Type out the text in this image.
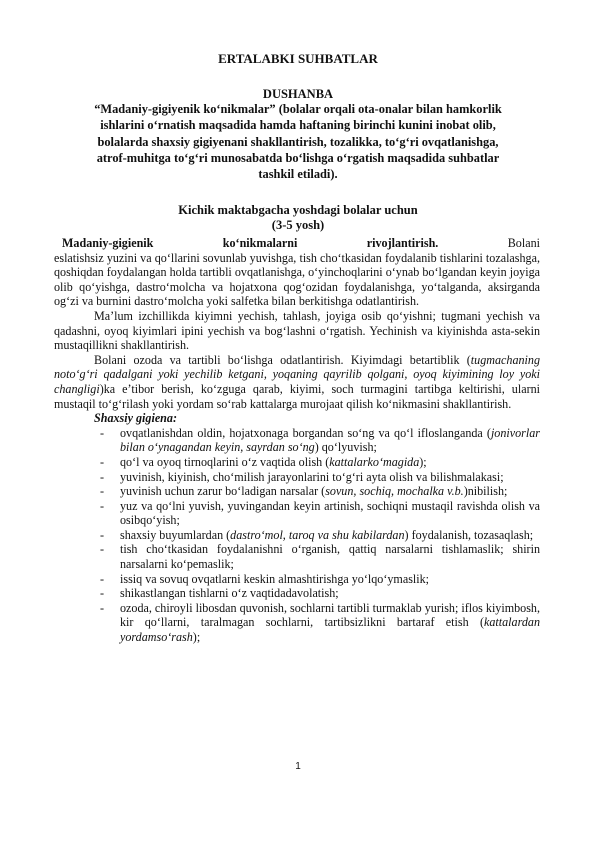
ERTALABKI SUHBATLAR
DUSHANBA
“Madaniy-gigiyenik ko‘nikmalar” (bolalar orqali ota-onalar bilan hamkorlik ishlarini o‘rnatish maqsadida hamda haftaning birinchi kunini inobat olib, bolalarda shaxsiy gigiyenani shakllantirish, tozalikka, to‘g‘ri ovqatlanishga, atrof-muhitga to‘g‘ri munosabatda bo‘lishga o‘rgatish maqsadida suhbatlar tashkil etiladi).
Kichik maktabgacha yoshdagi bolalar uchun
(3-5 yosh)

Madaniy-gigienik	ko‘nikmalarni	rivojlantirish.	Bolani

eslatishsiz yuzini va qo‘llarini sovunlab yuvishga, tish cho‘tkasidan foydalanib tishlarini tozalashga, qoshiqdan foydalangan holda tartibli ovqatlanishga, o‘yinchoqlarini o‘ynab bo‘lgandan keyin joyiga olib qo‘yishga, dastro‘molcha va hojatxona qog‘ozidan foydalanishga, yo‘talganda, aksirganda og‘zi va burnini dastro‘molcha yoki salfetka bilan berkitishga odatlantirish.

Ma’lum izchillikda kiyimni yechish, tahlash, joyiga osib qo‘yishni; tugmani yechish va qadashni, oyoq kiyimlari ipini yechish va bog‘lashni o‘rgatish. Yechinish va kiyinishda asta-sekin mustaqillikni shakllantirish.

Bolani ozoda va tartibli bo‘lishga odatlantirish. Kiyimdagi betartiblik (tugmachaning noto‘g‘ri qadalgani yoki yechilib ketgani, yoqaning qayrilib qolgani, oyoq kiyimining loy yoki changligi)ka e’tibor berish, ko‘zguga qarab, kiyimi, soch turmagini tartibga keltirishi, ularni mustaqil to‘g‘rilash yoki yordam so‘rab kattalarga murojaat qilish ko‘nikmasini shakllantirish.

Shaxsiy gigiena:

- ovqatlanishdan oldin, hojatxonaga borgandan so‘ng va qo‘l ifloslanganda (jonivorlar bilan o‘ynagandan keyin, sayrdan so‘ng) qo‘lyuvish;
- qo‘l va oyoq tirnoqlarini o‘z vaqtida olish (kattalarko‘magida);
- yuvinish, kiyinish, cho‘milish jarayonlarini to‘g‘ri ayta olish va bilishmalakasi;
- yuvinish uchun zarur bo‘ladigan narsalar (sovun, sochiq, mochalka v.b.)nibilish;
- yuz va qo‘lni yuvish, yuvingandan keyin artinish, sochiqni mustaqil ravishda olish va osibqo‘yish;
- shaxsiy buyumlardan (dastro‘mol, taroq va shu kabilardan) foydalanish, tozasaqlash;
- tish cho‘tkasidan foydalanishni o‘rganish, qattiq narsalarni tishlamaslik; shirin narsalarni ko‘pemaslik;
- issiq va sovuq ovqatlarni keskin almashtirishga yo‘lqo‘ymaslik;
- shikastlangan tishlarni o‘z vaqtidadavolatish;
- ozoda, chiroyli libosdan quvonish, sochlarni tartibli turmaklab yurish; iflos kiyimbosh, kir qo‘llarni, taralmagan sochlarni, tartibsizlikni bartaraf etish (kattalardan yordamso‘rash);
1
